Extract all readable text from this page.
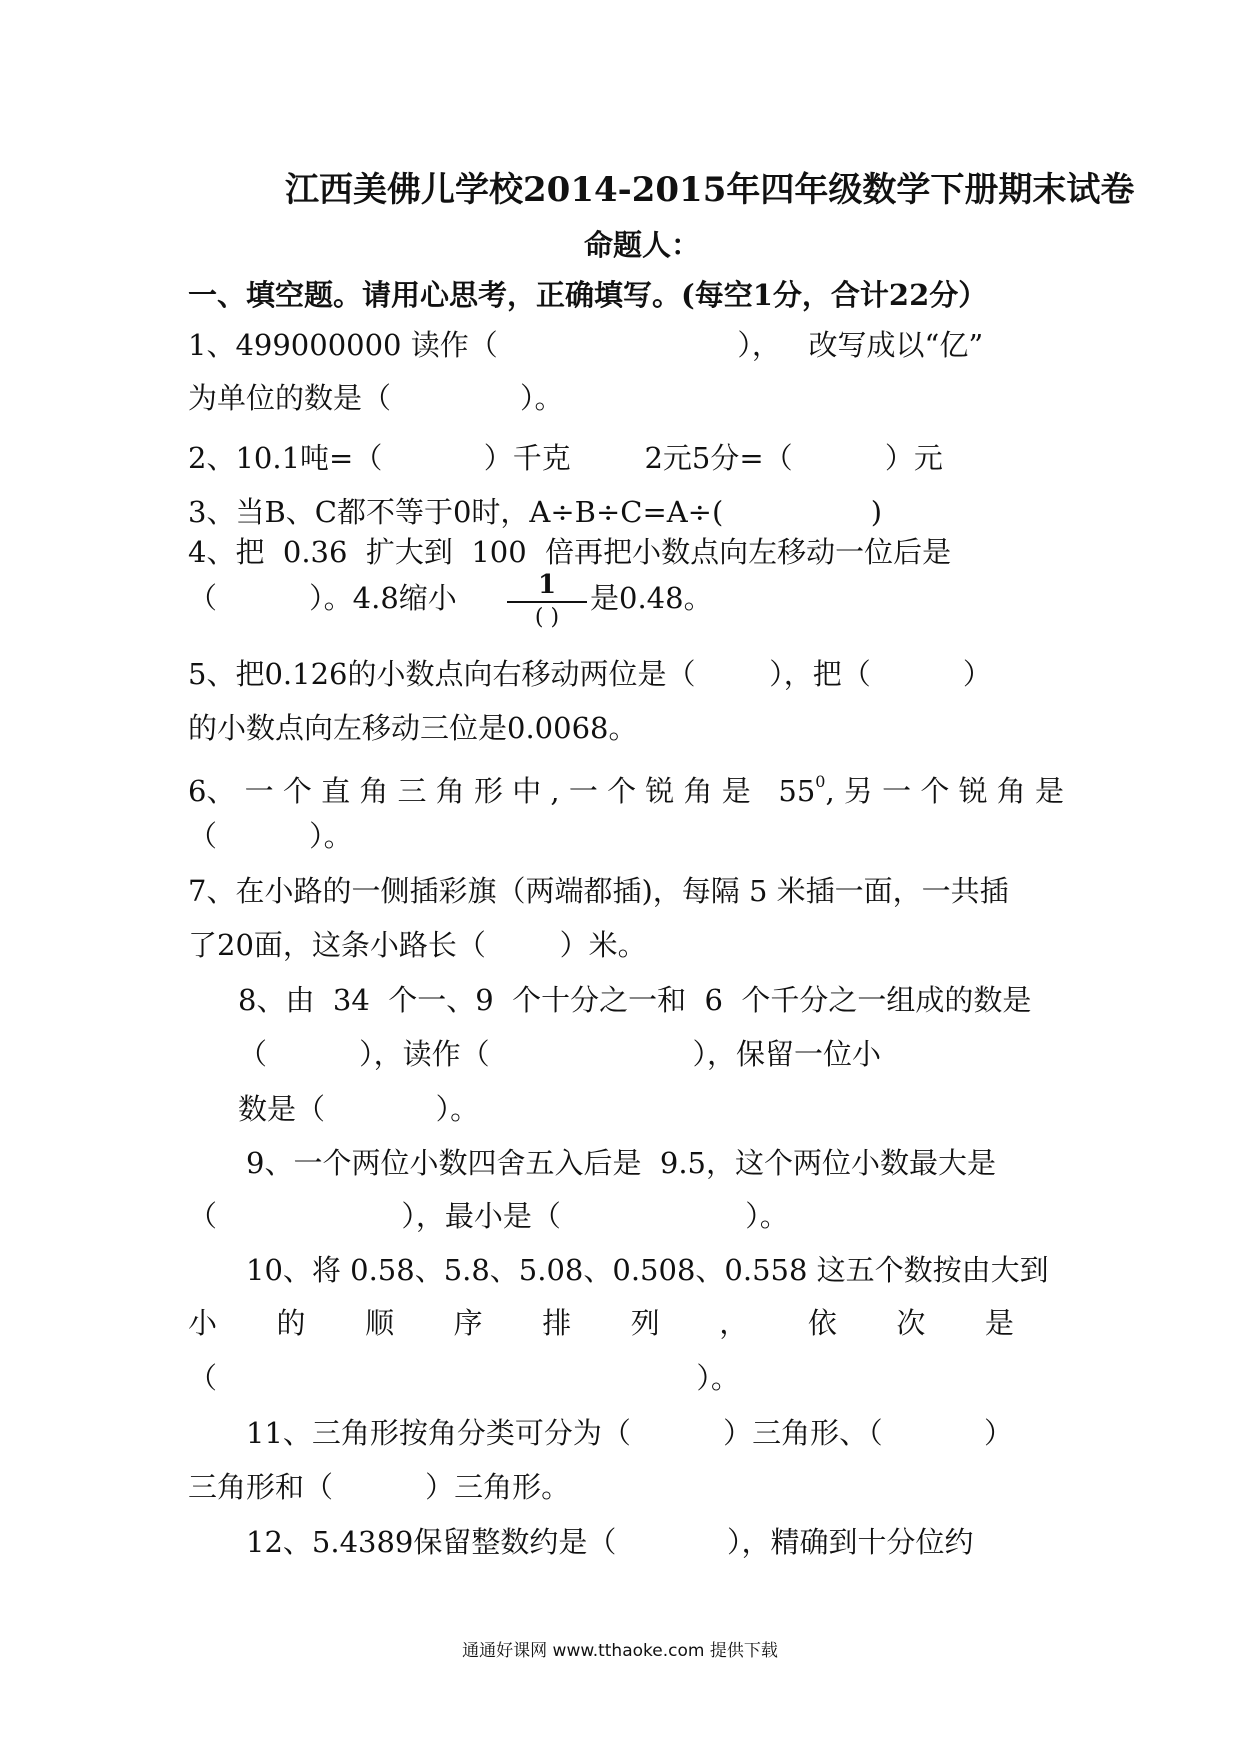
江西美佛儿学校2014-2015年四年级数学下册期末试卷
命题人：
一、填空题。请用心思考，正确填写。(每空1分，合计22分）
1、499000000 读作（                          ），   改写成以“亿”
为单位的数是（              ）。
2、10.1吨=（           ）千克        2元5分=（          ）元
3、当B、C都不等于0时，A÷B÷C=A÷(                )
4、把  0.36  扩大到  100  倍再把小数点向左移动一位后是
（          ）。4.8缩小	1
( )
是0.48。
5、把0.126的小数点向右移动两位是（        ），把（          ）
的小数点向左移动三位是0.0068。
6、 一 个 直 角 三 角 形 中 , 一 个 锐 角 是   $55^0$, 另 一 个 锐 角 是
（          ）。
7、在小路的一侧插彩旗（两端都插)，每隔 5 米插一面，一共插
了20面，这条小路长（        ）米。
8、由  34  个一、9  个十分之一和  6  个千分之一组成的数是
（          ），读作（                      ），保留一位小
数是（            ）。
9、一个两位小数四舍五入后是  9.5，这个两位小数最大是
（                    ），最小是（                    ）。
10、将 0.58、5.8、5.08、0.508、0.558 这五个数按由大到
小 的 顺 序 排 列 ， 依 次 是
（                                                    ）。
11、三角形按角分类可分为（          ）三角形、（           ）
三角形和（          ）三角形。
12、5.4389保留整数约是（            ），精确到十分位约
通通好课网 www.tthaoke.com 提供下载
